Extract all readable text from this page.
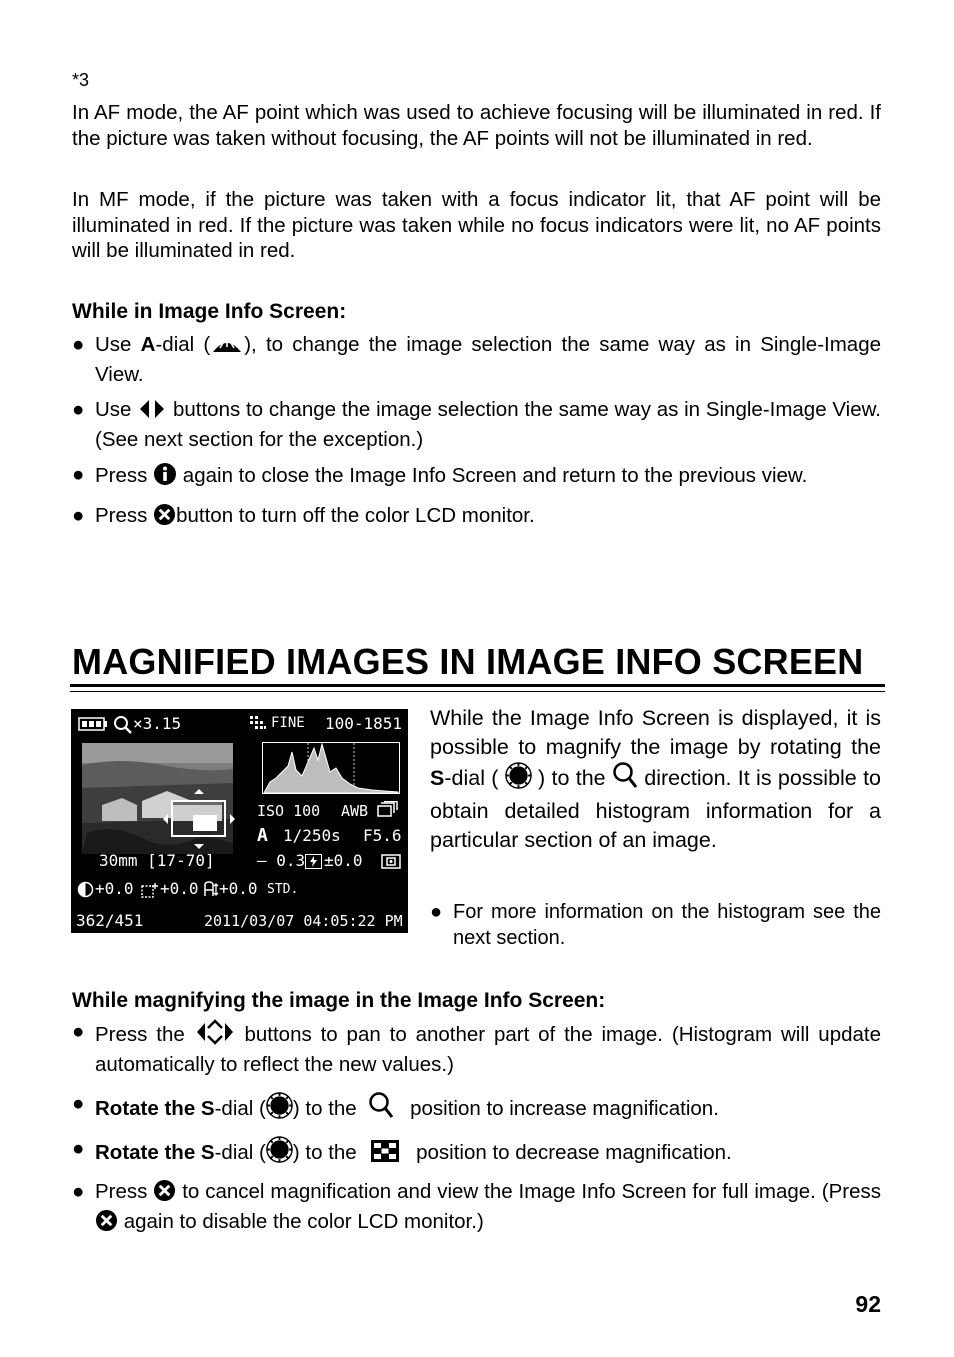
*3
In AF mode, the AF point which was used to achieve focusing will be illuminated in red. If the picture was taken without focusing, the AF points will not be illuminated in red.
In MF mode, if the picture was taken with a focus indicator lit, that AF point will be illuminated in red. If the picture was taken while no focus indicators were lit, no AF points will be illuminated in red.
While in Image Info Screen:
● Use A-dial ( ), to change the image selection the same way as in Single-Image View.
● Use  buttons to change the image selection the same way as in Single-Image View. (See next section for the exception.)
● Press  again to close the Image Info Screen and return to the previous view.
● Press button to turn off the color LCD monitor.
MAGNIFIED IMAGES IN IMAGE INFO SCREEN
×3.15	FINE 100-1851
ISO 100 AWB
A 1/250s F5.6
30mm [17-70]	– 0.3 ±0.0
+0.0 +0.0 +0.0 STD.
362/451	2011/03/07 04:05:22 PM
While the Image Info Screen is displayed, it is possible to magnify the image by rotating the S-dial (  ) to the  direction. It is possible to obtain detailed histogram information for a particular section of an image.
● For more information on the histogram see the next section.
While magnifying the image in the Image Info Screen:
● Press the  buttons to pan to another part of the image. (Histogram will update automatically to reflect the new values.)
● Rotate the S-dial ( ) to the  position to increase magnification.
● Rotate the S-dial ( ) to the  position to decrease magnification.
● Press  to cancel magnification and view the Image Info Screen for full image. (Press  again to disable the color LCD monitor.)
92
